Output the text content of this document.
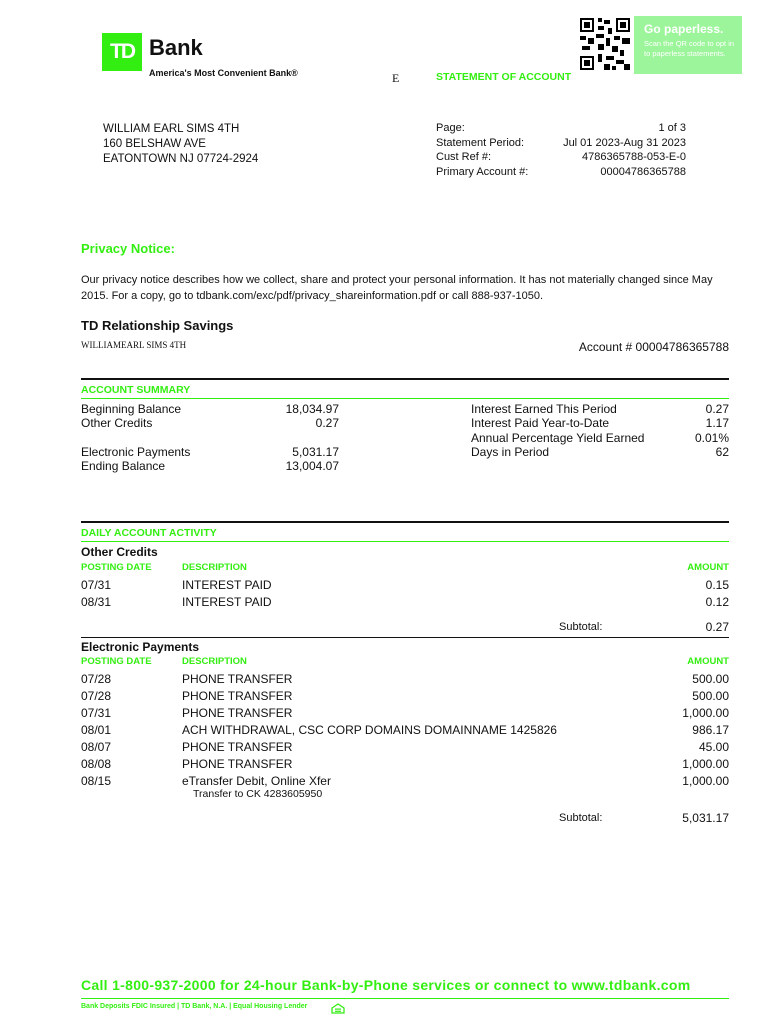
TD Bank
America's Most Convenient Bank®	E	STATEMENT OF ACCOUNT
Go paperless.
Scan the QR code to opt in to paperless statements.
WILLIAM EARL SIMS 4TH
160 BELSHAW AVE
EATONTOWN NJ 07724-2924
Page:	1 of 3
Statement Period:	Jul 01 2023-Aug 31 2023
Cust Ref #:	4786365788-053-E-0
Primary Account #:	00004786365788
Privacy Notice:
Our privacy notice describes how we collect, share and protect your personal information. It has not materially changed since May 2015. For a copy, go to tdbank.com/exc/pdf/privacy_shareinformation.pdf or call 888-937-1050.
TD Relationship Savings
WILLIAMEARL SIMS 4TH	Account # 00004786365788
ACCOUNT SUMMARY
Beginning Balance	18,034.97
Other Credits	0.27
Electronic Payments	5,031.17
Ending Balance	13,004.07
Interest Earned This Period	0.27
Interest Paid Year-to-Date	1.17
Annual Percentage Yield Earned	0.01%
Days in Period	62
DAILY ACCOUNT ACTIVITY
Other Credits
POSTING DATE	DESCRIPTION	AMOUNT
07/31	INTEREST PAID	0.15
08/31	INTEREST PAID	0.12
Subtotal:	0.27
Electronic Payments
POSTING DATE	DESCRIPTION	AMOUNT
07/28	PHONE TRANSFER	500.00
07/28	PHONE TRANSFER	500.00
07/31	PHONE TRANSFER	1,000.00
08/01	ACH WITHDRAWAL, CSC CORP DOMAINS DOMAINNAME 1425826	986.17
08/07	PHONE TRANSFER	45.00
08/08	PHONE TRANSFER	1,000.00
08/15	eTransfer Debit, Online Xfer	1,000.00
Transfer to CK 4283605950
Subtotal:	5,031.17
Call 1-800-937-2000 for 24-hour Bank-by-Phone services or connect to www.tdbank.com
Bank Deposits FDIC Insured | TD Bank, N.A. | Equal Housing Lender
